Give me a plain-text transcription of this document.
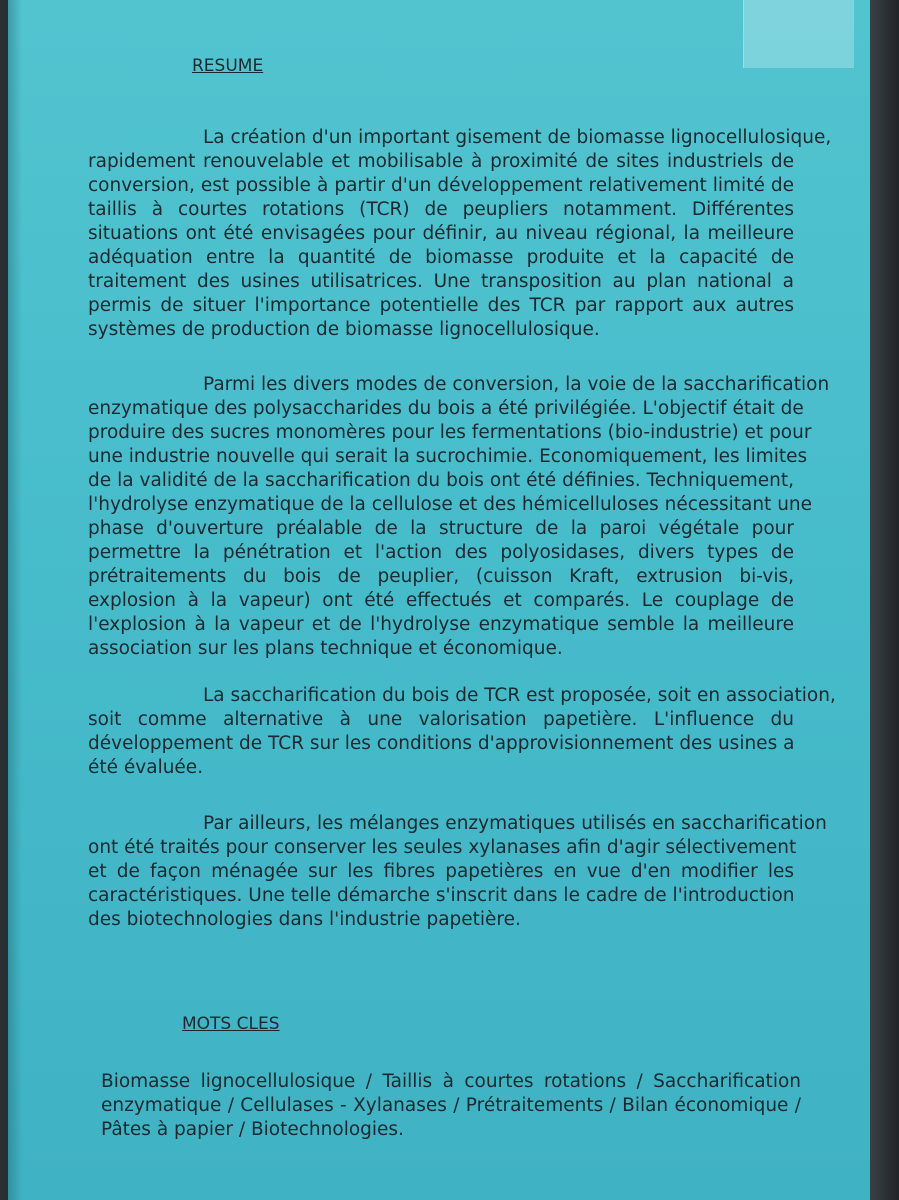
RESUME
La création d'un important gisement de biomasse lignocellulosique,
rapidement renouvelable et mobilisable à proximité de sites industriels de
conversion, est possible à partir d'un développement relativement limité de
taillis à courtes rotations (TCR) de peupliers notamment. Différentes
situations ont été envisagées pour définir, au niveau régional, la meilleure
adéquation entre la quantité de biomasse produite et la capacité de
traitement des usines utilisatrices. Une transposition au plan national a
permis de situer l'importance potentielle des TCR par rapport aux autres
systèmes de production de biomasse lignocellulosique.
Parmi les divers modes de conversion, la voie de la saccharification
enzymatique des polysaccharides du bois a été privilégiée. L'objectif était de
produire des sucres monomères pour les fermentations (bio-industrie) et pour
une industrie nouvelle qui serait la sucrochimie. Economiquement, les limites
de la validité de la saccharification du bois ont été définies. Techniquement,
l'hydrolyse enzymatique de la cellulose et des hémicelluloses nécessitant une
phase d'ouverture préalable de la structure de la paroi végétale pour
permettre la pénétration et l'action des polyosidases, divers types de
prétraitements du bois de peuplier, (cuisson Kraft, extrusion bi-vis,
explosion à la vapeur) ont été effectués et comparés. Le couplage de
l'explosion à la vapeur et de l'hydrolyse enzymatique semble la meilleure
association sur les plans technique et économique.
La saccharification du bois de TCR est proposée, soit en association,
soit comme alternative à une valorisation papetière. L'influence du
développement de TCR sur les conditions d'approvisionnement des usines a
été évaluée.
Par ailleurs, les mélanges enzymatiques utilisés en saccharification
ont été traités pour conserver les seules xylanases afin d'agir sélectivement
et de façon ménagée sur les fibres papetières en vue d'en modifier les
caractéristiques. Une telle démarche s'inscrit dans le cadre de l'introduction
des biotechnologies dans l'industrie papetière.
MOTS CLES
Biomasse lignocellulosique / Taillis à courtes rotations / Saccharification
enzymatique / Cellulases - Xylanases / Prétraitements / Bilan économique /
Pâtes à papier / Biotechnologies.
